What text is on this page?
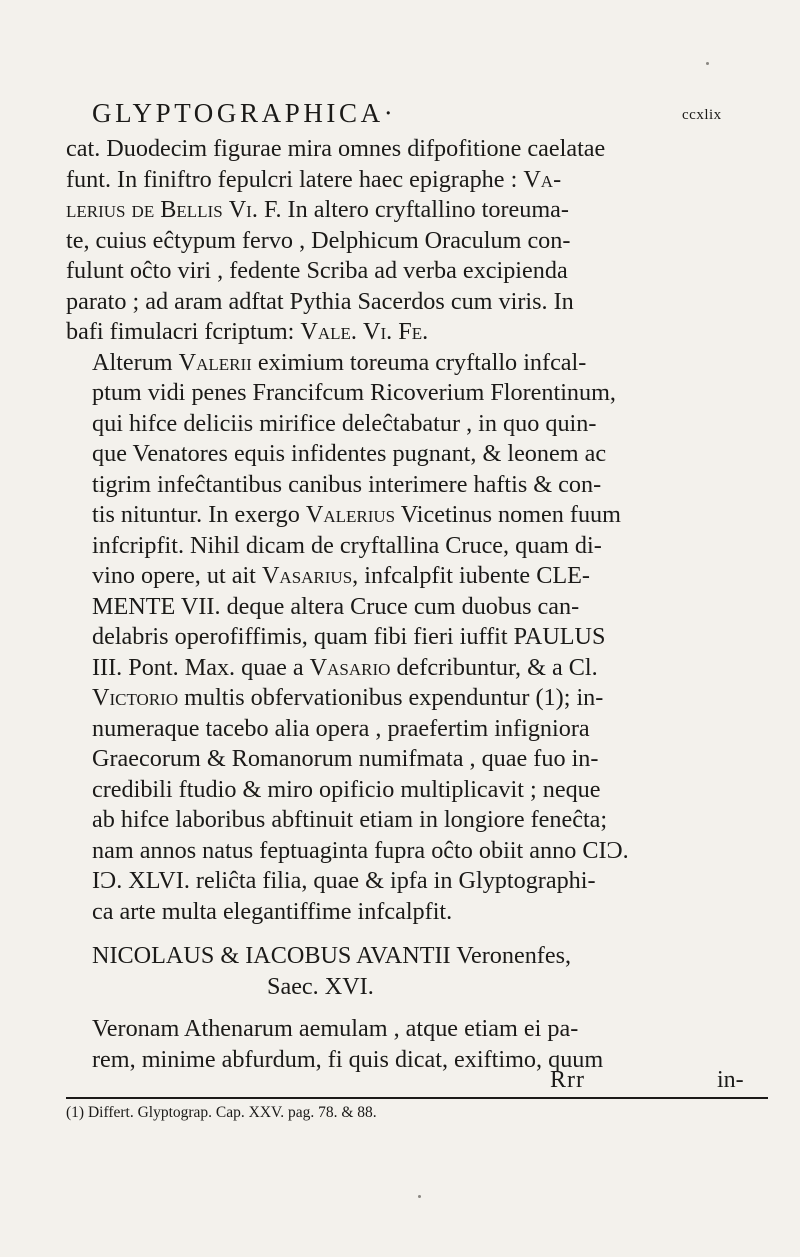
GLYPTOGRAPHICA·	ccxlix

cat. Duodecim figurae mira omnes difpofitione caelatae
funt. In finiftro fepulcri latere haec epigraphe : Va-
lerius de Bellis Vi. F. In altero cryftallino toreuma-
te, cuius eĉtypum fervo , Delphicum Oraculum con-
fulunt oĉto viri , fedente Scriba ad verba excipienda
parato ; ad aram adftat Pythia Sacerdos cum viris. In
bafi fimulacri fcriptum: Vale. Vi. Fe.

Alterum Valerii eximium toreuma cryftallo infcal-
ptum vidi penes Francifcum Ricoverium Florentinum,
qui hifce deliciis mirifice deleĉtabatur , in quo quin-
que Venatores equis infidentes pugnant, & leonem ac
tigrim infeĉtantibus canibus interimere haftis & con-
tis nituntur. In exergo Valerius Vicetinus nomen fuum
infcripfit. Nihil dicam de cryftallina Cruce, quam di-
vino opere, ut ait Vasarius, infcalpfit iubente CLE-
MENTE VII. deque altera Cruce cum duobus can-
delabris operofiffimis, quam fibi fieri iuffit PAULUS
III. Pont. Max. quae a Vasario defcribuntur, & a Cl.
Victorio multis obfervationibus expenduntur (1); in-
numeraque tacebo alia opera , praefertim infigniora
Graecorum & Romanorum numifmata , quae fuo in-
credibili ftudio & miro opificio multiplicavit ; neque
ab hifce laboribus abftinuit etiam in longiore feneĉta;
nam annos natus feptuaginta fupra oĉto obiit anno CIƆ.
IƆ. XLVI. reliĉta filia, quae & ipfa in Glyptographi-
ca arte multa elegantiffime infcalpfit.

NICOLAUS & IACOBUS AVANTII Veronenfes,
Saec. XVI.

Veronam Athenarum aemulam , atque etiam ei pa-
rem, minime abfurdum, fi quis dicat, exiftimo, quum

Rrr	in-
(1) Differt. Glyptograp. Cap. XXV. pag. 78. & 88.
